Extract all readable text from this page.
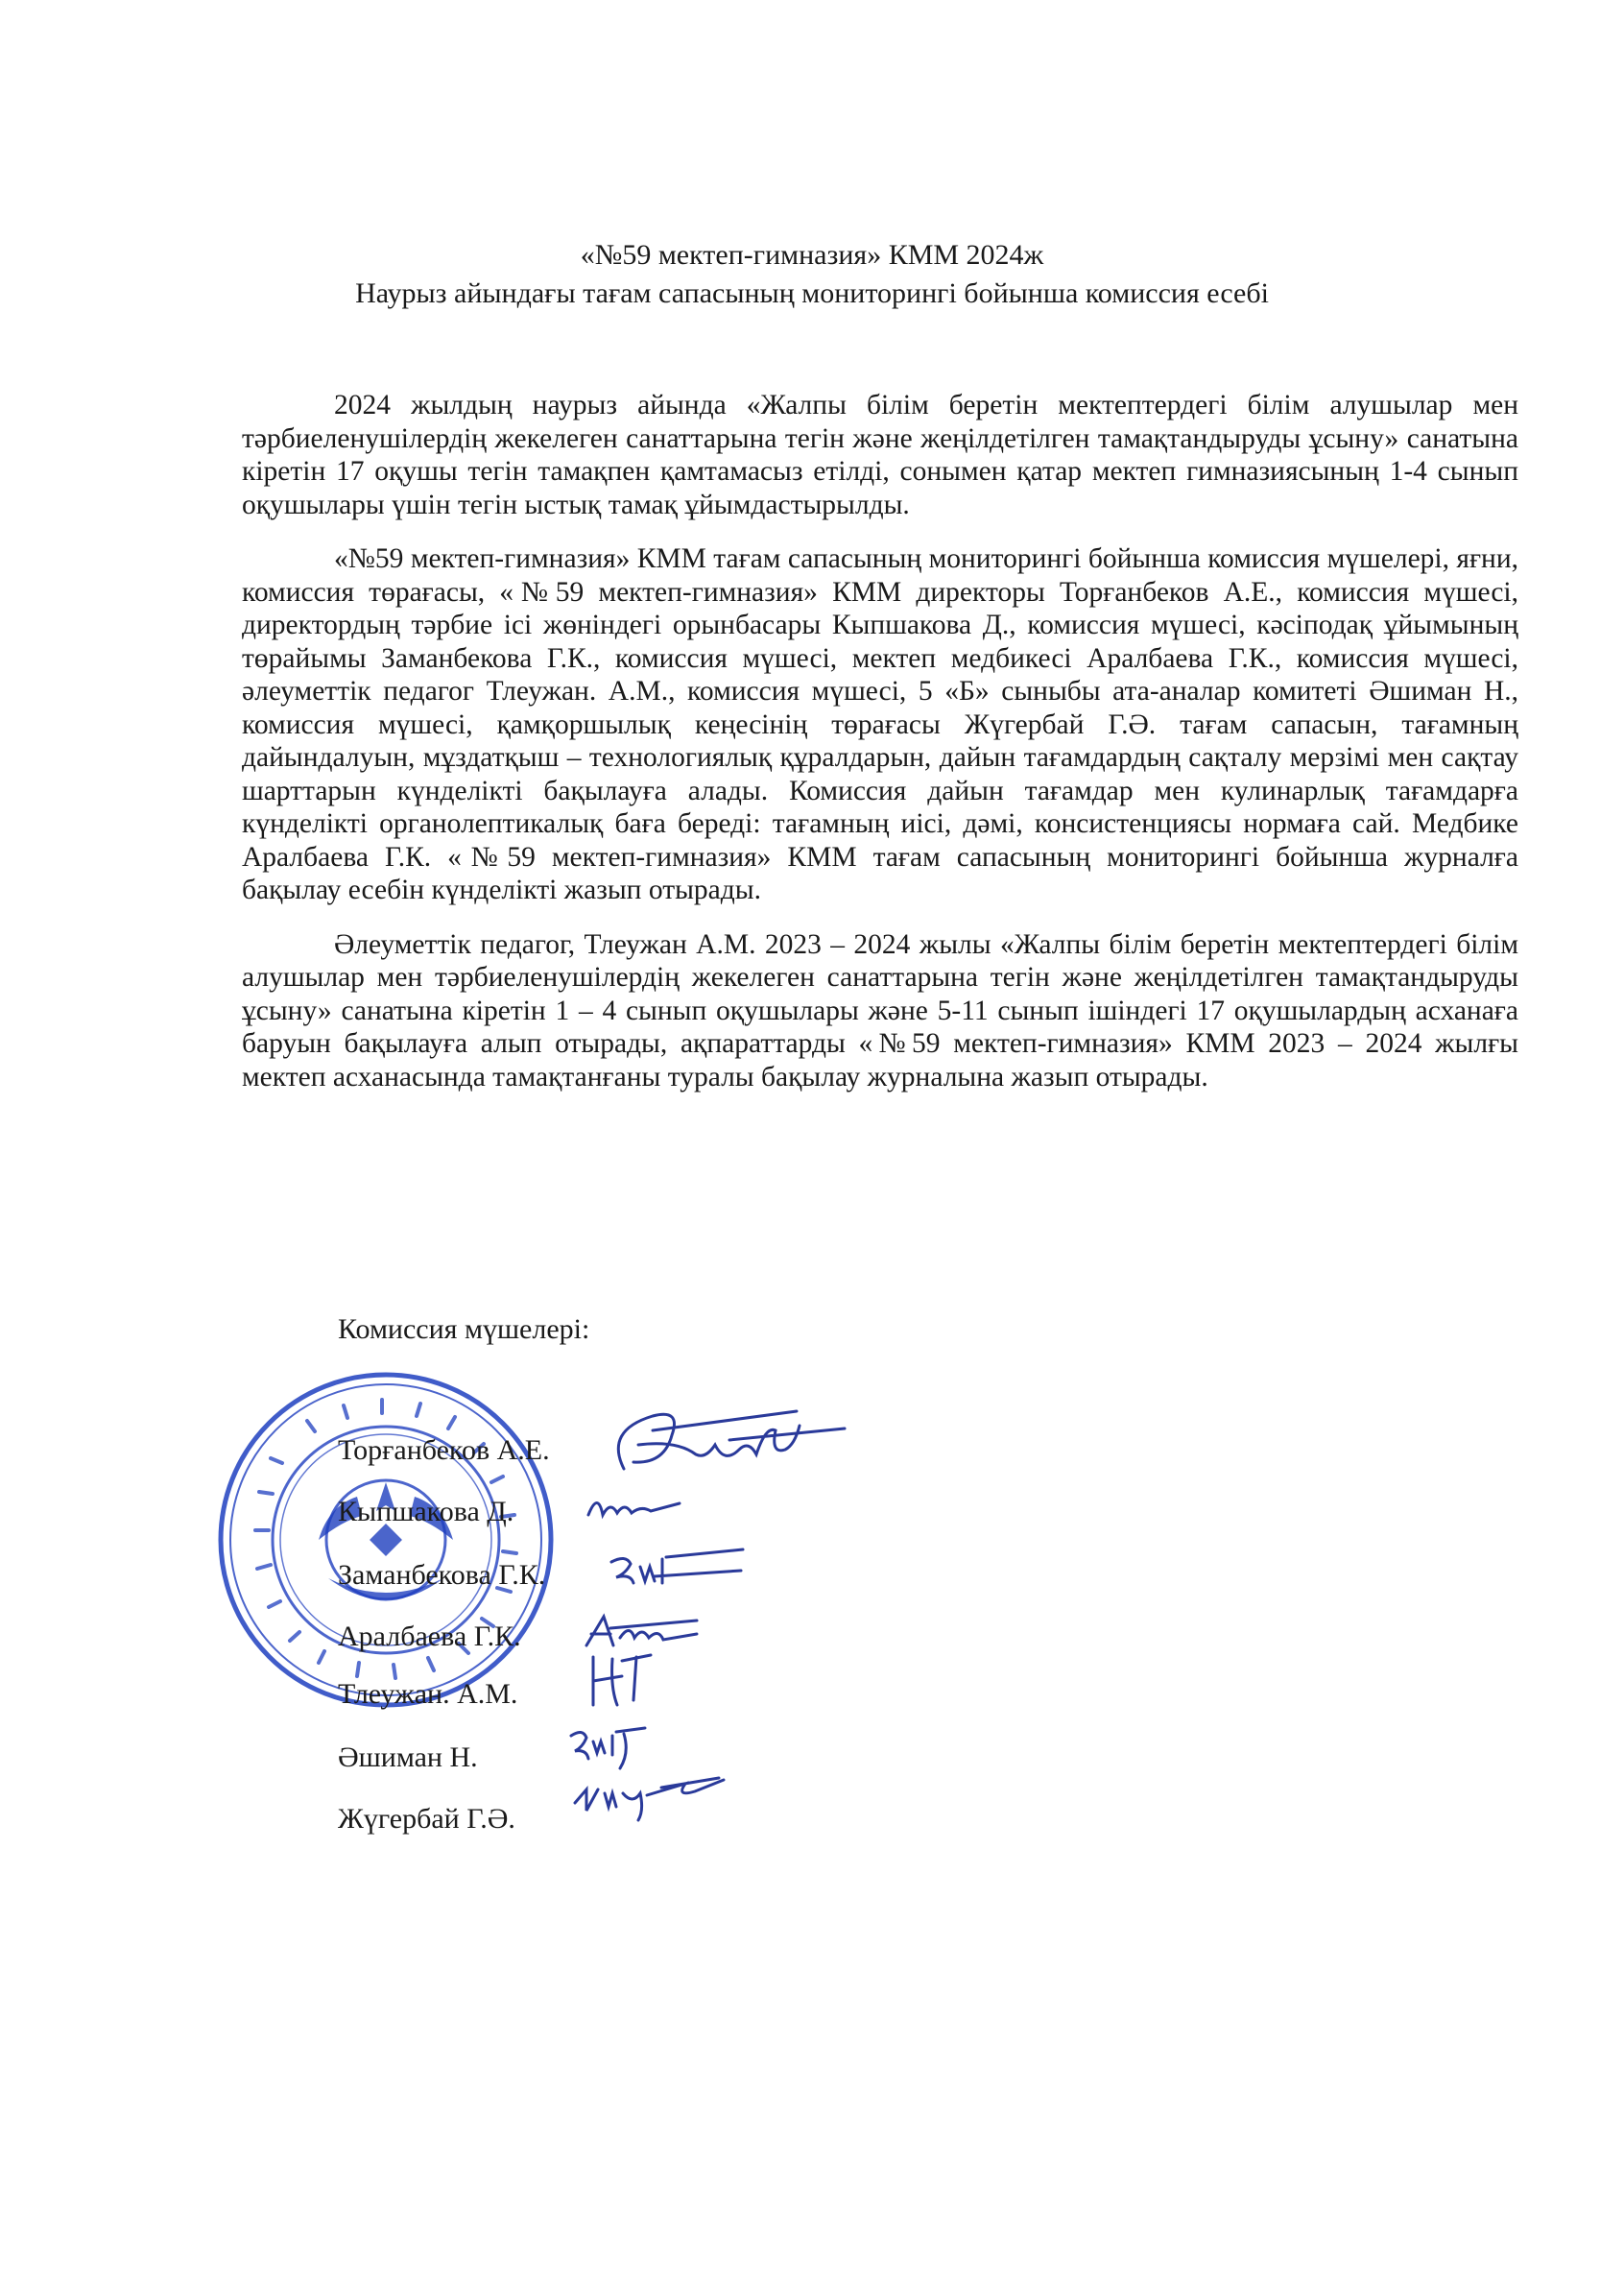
«№59 мектеп-гимназия» КММ 2024ж
Наурыз айындағы тағам сапасының мониторингі бойынша комиссия есебі

2024 жылдың наурыз айында «Жалпы білім беретін мектептердегі білім алушылар мен тәрбиеленушілердің жекелеген санаттарына тегін және жеңілдетілген тамақтандыруды ұсыну» санатына кіретін 17 оқушы тегін тамақпен қамтамасыз етілді, сонымен қатар мектеп гимназиясының 1-4 сынып оқушылары үшін тегін ыстық тамақ ұйымдастырылды.

«№59 мектеп-гимназия» КММ тағам сапасының мониторингі бойынша комиссия мүшелері, яғни, комиссия төрағасы, «№59 мектеп-гимназия» КММ директоры Торғанбеков А.Е., комиссия мүшесі, директордың тәрбие ісі жөніндегі орынбасары Кыпшакова Д., комиссия мүшесі, кәсіподақ ұйымының төрайымы Заманбекова Г.К., комиссия мүшесі, мектеп медбикесі Аралбаева Г.К., комиссия мүшесі, әлеуметтік педагог Тлеужан. А.М., комиссия мүшесі, 5 «Б» сыныбы ата-аналар комитеті Әшиман Н., комиссия мүшесі, қамқоршылық кеңесінің төрағасы Жүгербай Г.Ә. тағам сапасын, тағамның дайындалуын, мұздатқыш – технологиялық құралдарын, дайын тағамдардың сақталу мерзімі мен сақтау шарттарын күнделікті бақылауға алады. Комиссия дайын тағамдар мен кулинарлық тағамдарға күнделікті органолептикалық баға береді: тағамның иісі, дәмі, консистенциясы нормаға сай. Медбике Аралбаева Г.К. «№59 мектеп-гимназия» КММ тағам сапасының мониторингі бойынша журналға бақылау есебін күнделікті жазып отырады.

Әлеуметтік педагог, Тлеужан А.М. 2023 – 2024 жылы «Жалпы білім беретін мектептердегі білім алушылар мен тәрбиеленушілердің жекелеген санаттарына тегін және жеңілдетілген тамақтандыруды ұсыну» санатына кіретін 1 – 4 сынып оқушылары және 5-11 сынып ішіндегі 17 оқушылардың асханаға баруын бақылауға алып отырады, ақпараттарды «№59 мектеп-гимназия» КММ 2023 – 2024 жылғы мектеп асханасында тамақтанғаны туралы бақылау журналына жазып отырады.

Комиссия мүшелері:
Торғанбеков А.Е.
Кыпшакова Д.
Заманбекова Г.К.
Аралбаева Г.К.
Тлеужан. А.М.
Әшиман Н.
Жүгербай Г.Ә.
